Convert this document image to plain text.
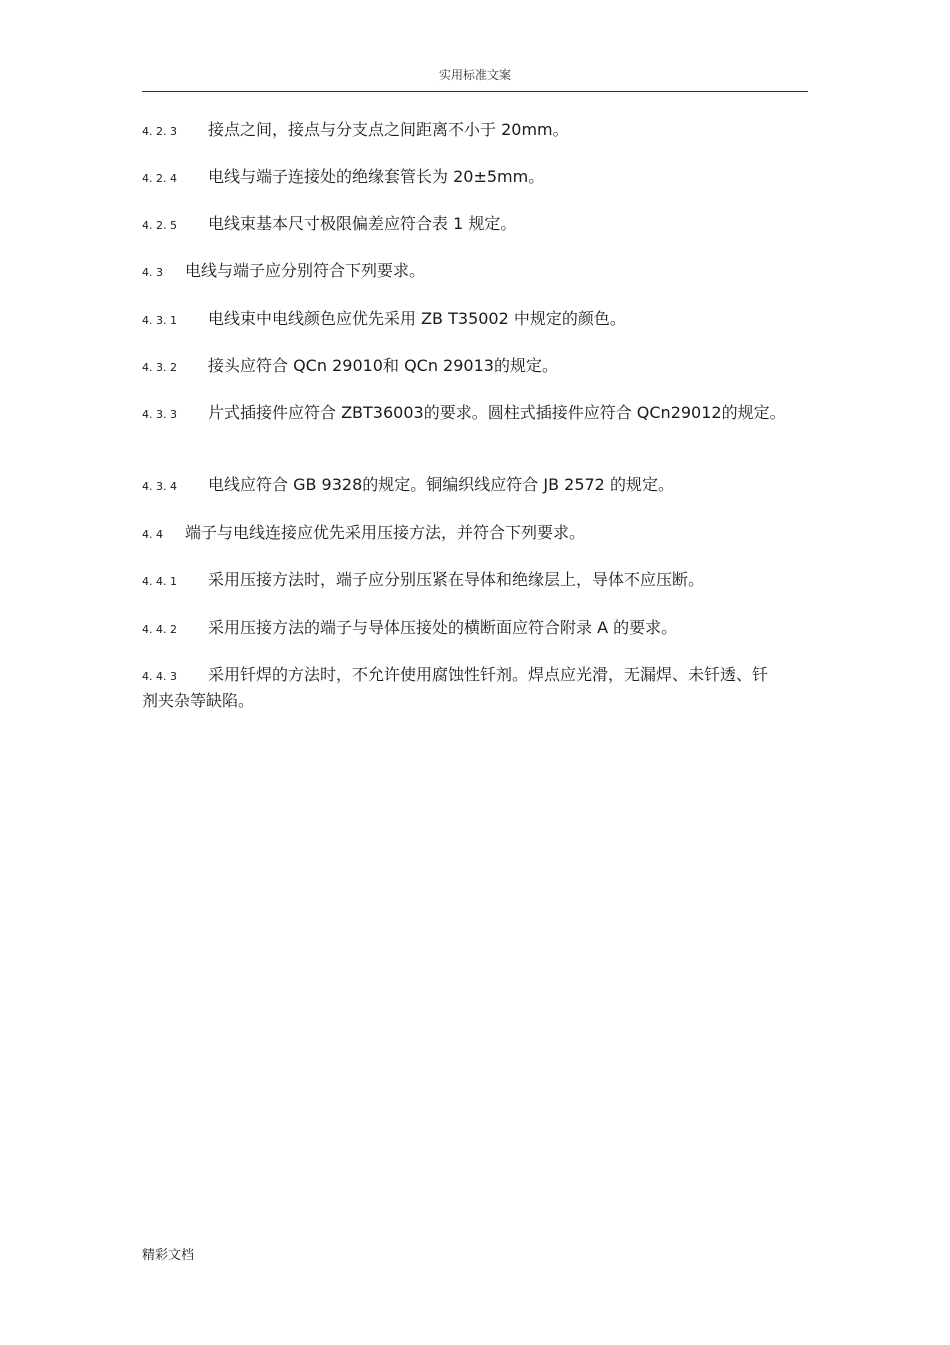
实用标准文案
4. 2. 3 接点之间，接点与分支点之间距离不小于 20mm。
4. 2. 4 电线与端子连接处的绝缘套管长为 20±5mm。
4. 2. 5 电线束基本尺寸极限偏差应符合表 1 规定。
4. 3 电线与端子应分别符合下列要求。
4. 3. 1 电线束中电线颜色应优先采用 ZB T35002 中规定的颜色。
4. 3. 2 接头应符合 QCn 29010和 QCn 29013的规定。
4. 3. 3 片式插接件应符合 ZBT36003的要求。圆柱式插接件应符合 QCn29012的规定。
4. 3. 4 电线应符合 GB 9328的规定。铜编织线应符合 JB 2572 的规定。
4. 4 端子与电线连接应优先采用压接方法，并符合下列要求。
4. 4. 1 采用压接方法时，端子应分别压紧在导体和绝缘层上，导体不应压断。
4. 4. 2 采用压接方法的端子与导体压接处的横断面应符合附录 A 的要求。
4. 4. 3 采用钎焊的方法时，不允许使用腐蚀性钎剂。焊点应光滑，无漏焊、未钎透、钎剂夹杂等缺陷。
精彩文档
